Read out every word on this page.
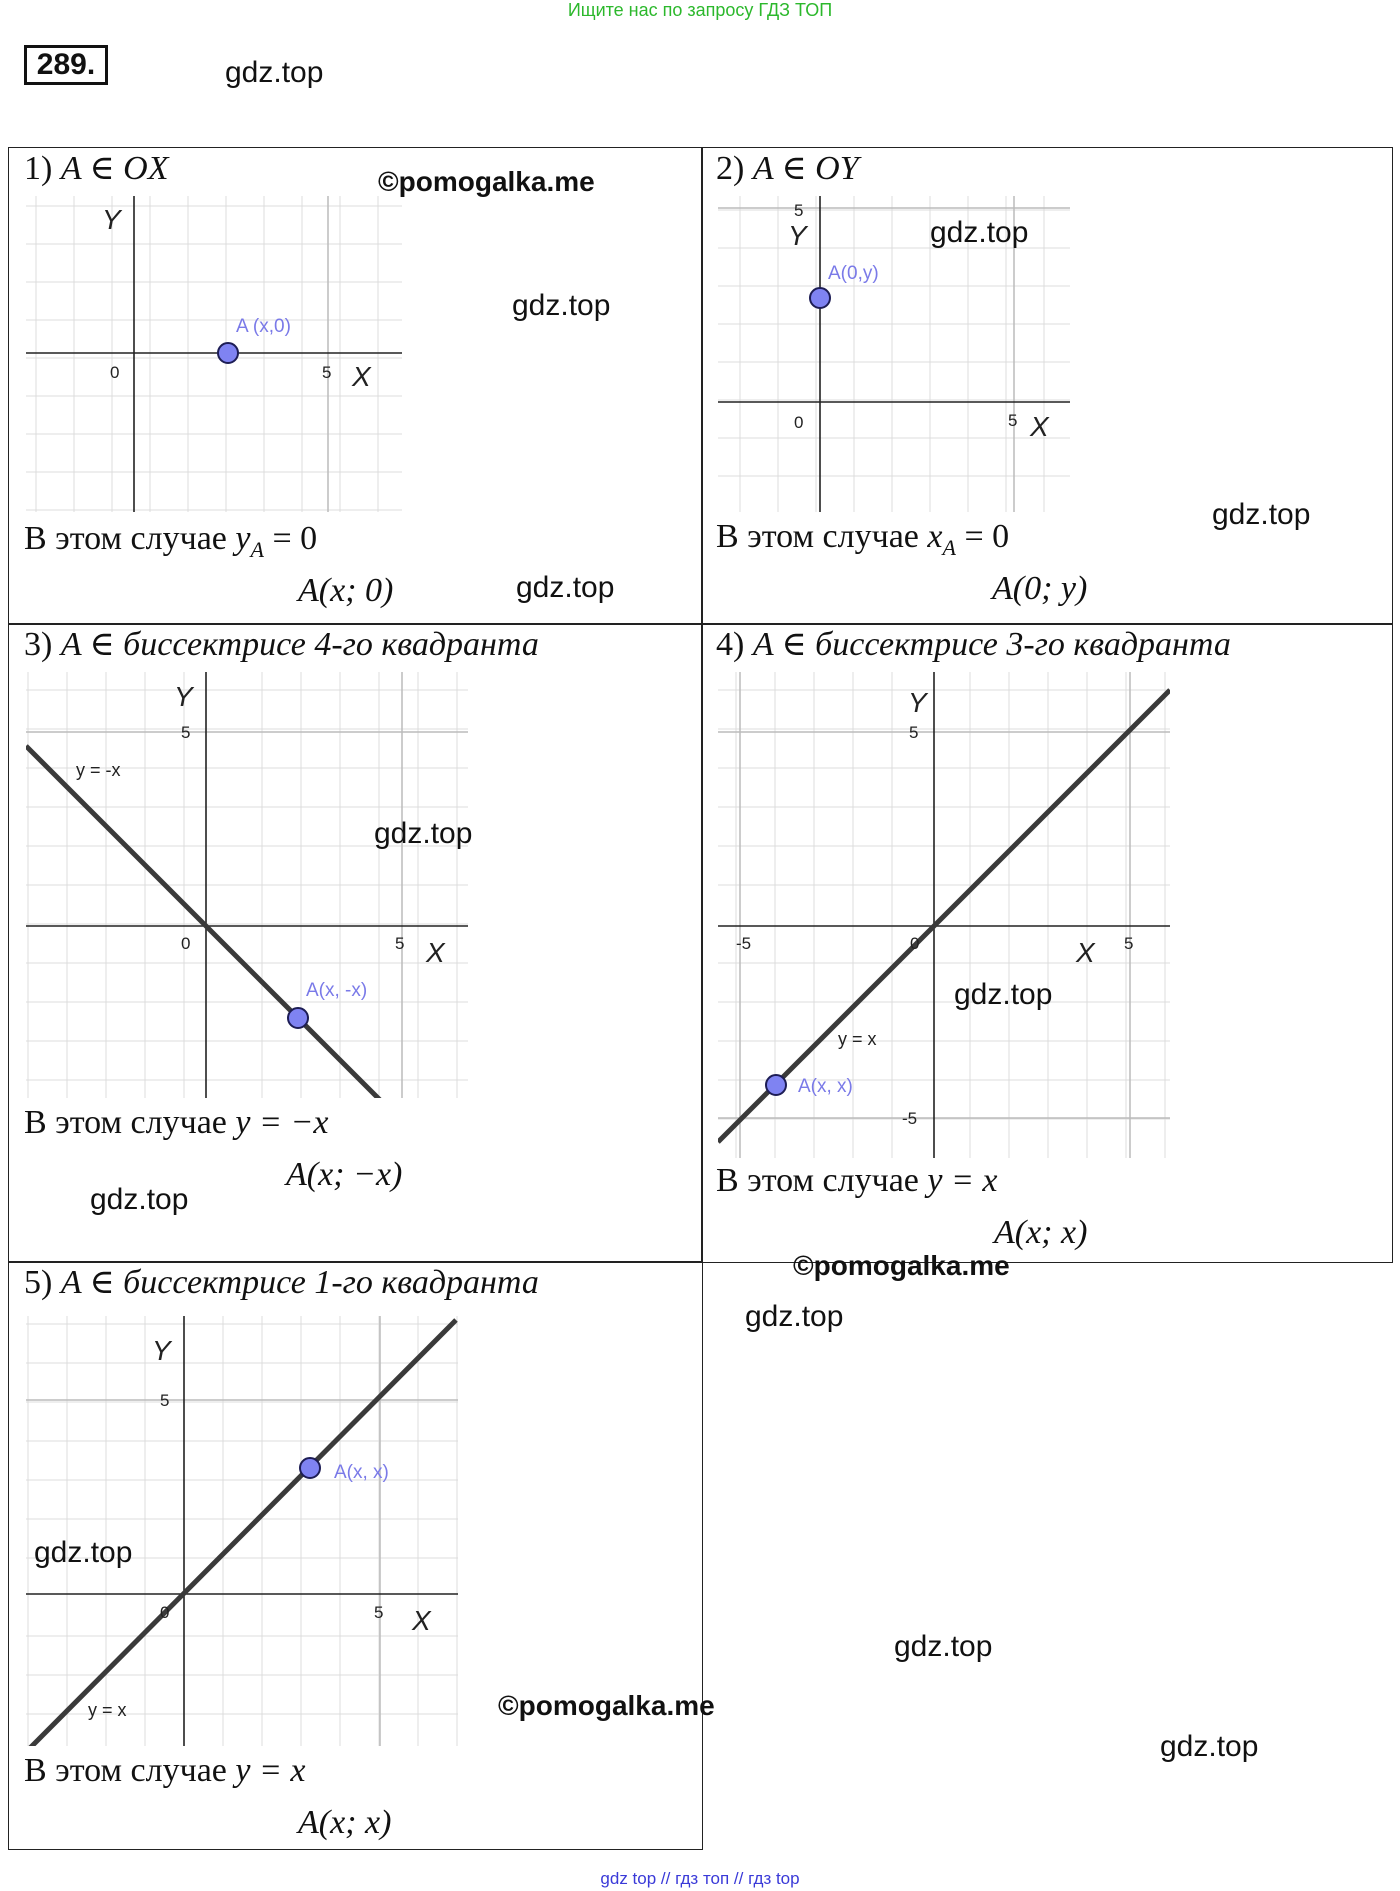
Ищите нас по запросу ГДЗ ТОП
289.	gdz.top
1) A ∈ OX
Y
X
0	5
A (x,0)
В этом случае $y_A = 0$
A(x; 0)
2) A ∈ OY
5
Y
X
0	5
A(0,y)
В этом случае $x_A = 0$
A(0; y)
3) A ∈ биссектрисе 4-го квадранта
Y
5
0	5 X
y = -x
A(x, -x)
В этом случае y = −x
A(x; −x)
4) A ∈ биссектрисе 3-го квадранта
Y
5
-5	0	X 5
y = x
A(x, x)
-5
В этом случае y = x
A(x; x)
5) A ∈ биссектрисе 1-го квадранта
Y
5
0	5 X
A(x, x)
y = x
В этом случае y = x
A(x; x)
©pomogalka.me
gdz.top
gdz.top
gdz.top
gdz.top
gdz.top
gdz.top
gdz.top
©pomogalka.me
gdz.top
gdz.top
gdz.top
©pomogalka.me
gdz.top
gdz top // гдз топ // гдз top
